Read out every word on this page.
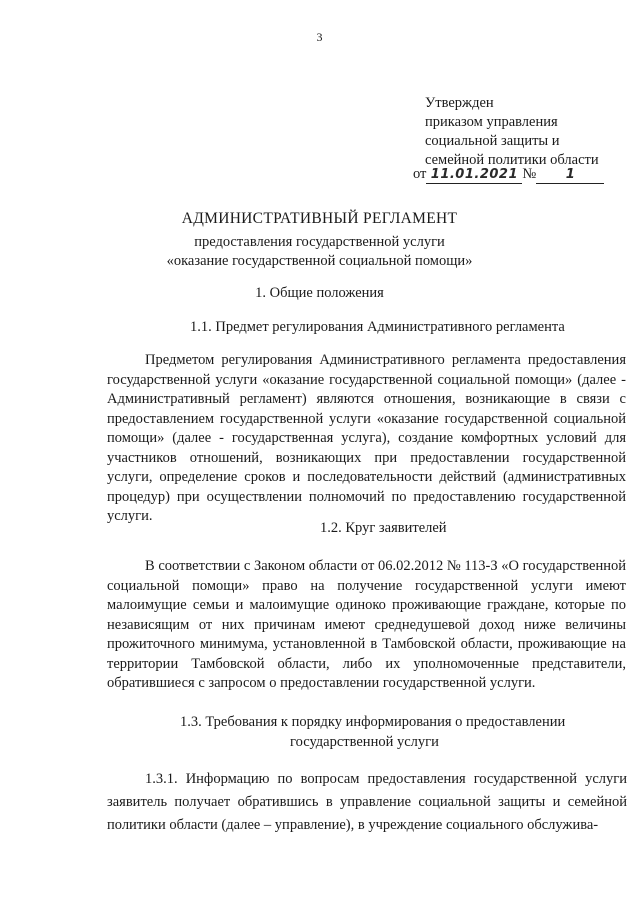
3
Утвержден
приказом управления
социальной защиты и
семейной политики области
от 11.01.2021 № 1
АДМИНИСТРАТИВНЫЙ РЕГЛАМЕНТ
предоставления государственной услуги
«оказание государственной социальной помощи»
1. Общие положения
1.1. Предмет регулирования Административного регламента
Предметом регулирования Административного регламента предоставления государственной услуги «оказание государственной социальной помощи» (далее - Административный регламент) являются отношения, возникающие в связи с предоставлением государственной услуги «оказание государственной социальной помощи» (далее - государственная услуга), создание комфортных условий для участников отношений, возникающих при предоставлении государственной услуги, определение сроков и последовательности действий (административных процедур) при осуществлении полномочий по предоставлению государственной услуги.
1.2. Круг заявителей
В соответствии с Законом области от 06.02.2012 № 113-З «О государственной социальной помощи» право на получение государственной услуги имеют малоимущие семьи и малоимущие одиноко проживающие граждане, которые по независящим от них причинам имеют среднедушевой доход ниже величины прожиточного минимума, установленной в Тамбовской области, проживающие на территории Тамбовской области, либо их уполномоченные представители, обратившиеся с запросом о предоставлении государственной услуги.
1.3. Требования к порядку информирования о предоставлении
государственной услуги
1.3.1. Информацию по вопросам предоставления государственной услуги заявитель получает обратившись в управление социальной защиты и семейной политики области (далее – управление), в учреждение социального обслужива-
